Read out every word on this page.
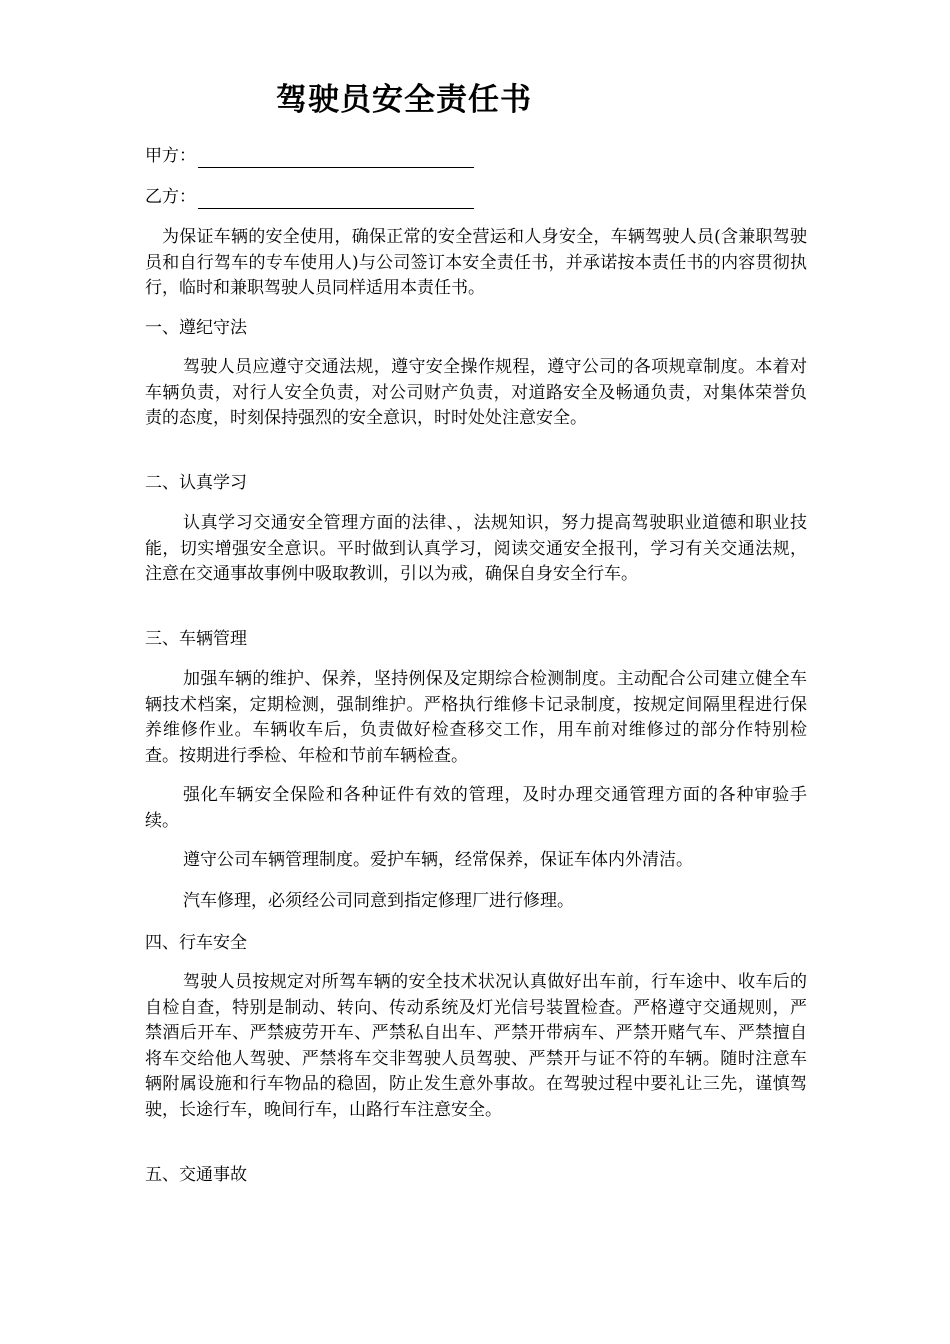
驾驶员安全责任书
甲方：
乙方：

为保证车辆的安全使用，确保正常的安全营运和人身安全，车辆驾驶人员(含兼职驾驶员和自行驾车的专车使用人)与公司签订本安全责任书，并承诺按本责任书的内容贯彻执行，临时和兼职驾驶人员同样适用本责任书。

一、遵纪守法

驾驶人员应遵守交通法规，遵守安全操作规程，遵守公司的各项规章制度。本着对车辆负责，对行人安全负责，对公司财产负责，对道路安全及畅通负责，对集体荣誉负责的态度，时刻保持强烈的安全意识，时时处处注意安全。

二、认真学习

认真学习交通安全管理方面的法律、，法规知识，努力提高驾驶职业道德和职业技能，切实增强安全意识。平时做到认真学习，阅读交通安全报刊，学习有关交通法规，注意在交通事故事例中吸取教训，引以为戒，确保自身安全行车。

三、车辆管理

加强车辆的维护、保养，坚持例保及定期综合检测制度。主动配合公司建立健全车辆技术档案，定期检测，强制维护。严格执行维修卡记录制度，按规定间隔里程进行保养维修作业。车辆收车后，负责做好检查移交工作，用车前对维修过的部分作特别检查。按期进行季检、年检和节前车辆检查。

强化车辆安全保险和各种证件有效的管理，及时办理交通管理方面的各种审验手续。

遵守公司车辆管理制度。爱护车辆，经常保养，保证车体内外清洁。

汽车修理，必须经公司同意到指定修理厂进行修理。

四、行车安全

驾驶人员按规定对所驾车辆的安全技术状况认真做好出车前，行车途中、收车后的自检自查，特别是制动、转向、传动系统及灯光信号装置检查。严格遵守交通规则，严禁酒后开车、严禁疲劳开车、严禁私自出车、严禁开带病车、严禁开赌气车、严禁擅自将车交给他人驾驶、严禁将车交非驾驶人员驾驶、严禁开与证不符的车辆。随时注意车辆附属设施和行车物品的稳固，防止发生意外事故。在驾驶过程中要礼让三先，谨慎驾驶，长途行车，晚间行车，山路行车注意安全。

五、交通事故
